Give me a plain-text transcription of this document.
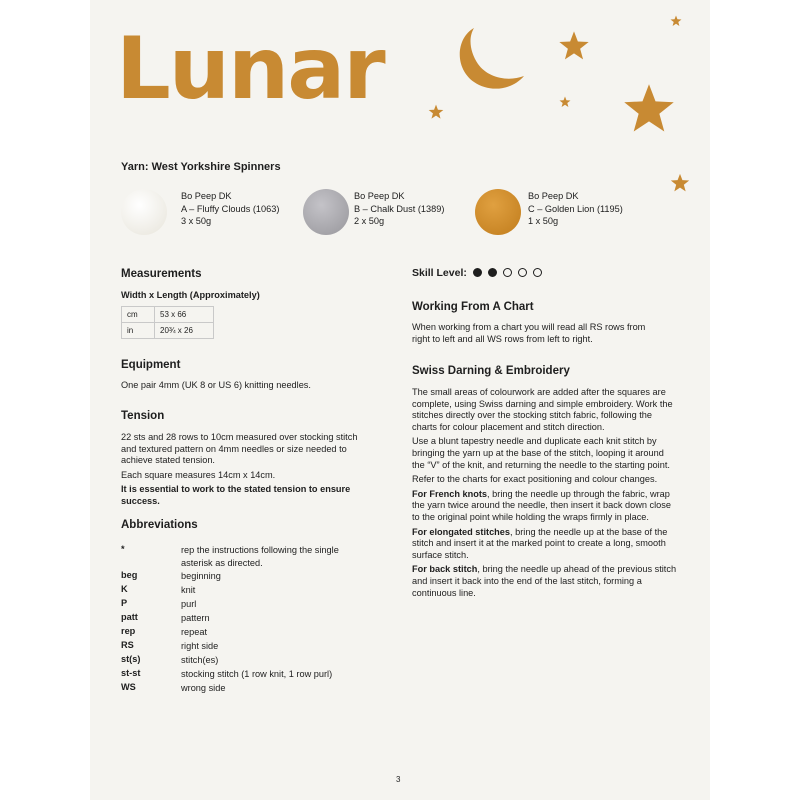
Lunar
Yarn: West Yorkshire Spinners
Bo Peep DK
A – Fluffy Clouds (1063)
3 x 50g
Bo Peep DK
B – Chalk Dust (1389)
2 x 50g
Bo Peep DK
C – Golden Lion (1195)
1 x 50g
Measurements
Width x Length (Approximately)
cm	53 x 66
in	20¾ x 26
Equipment
One pair 4mm (UK 8 or US 6) knitting needles.
Tension
22 sts and 28 rows to 10cm measured over stocking stitch and textured pattern on 4mm needles or size needed to achieve stated tension.
Each square measures 14cm x 14cm.
It is essential to work to the stated tension to ensure success.
Abbreviations
*	rep the instructions following the single asterisk as directed.
beg	beginning
K	knit
P	purl
patt	pattern
rep	repeat
RS	right side
st(s)	stitch(es)
st-st	stocking stitch (1 row knit, 1 row purl)
WS	wrong side
Skill Level:
Working From A Chart
When working from a chart you will read all RS rows from right to left and all WS rows from left to right.
Swiss Darning & Embroidery
The small areas of colourwork are added after the squares are complete, using Swiss darning and simple embroidery. Work the stitches directly over the stocking stitch fabric, following the charts for colour placement and stitch direction.
Use a blunt tapestry needle and duplicate each knit stitch by bringing the yarn up at the base of the stitch, looping it around the “V” of the knit, and returning the needle to the starting point.
Refer to the charts for exact positioning and colour changes.
For French knots, bring the needle up through the fabric, wrap the yarn twice around the needle, then insert it back down close to the original point while holding the wraps firmly in place.
For elongated stitches, bring the needle up at the base of the stitch and insert it at the marked point to create a long, smooth surface stitch.
For back stitch, bring the needle up ahead of the previous stitch and insert it back into the end of the last stitch, forming a continuous line.
3
